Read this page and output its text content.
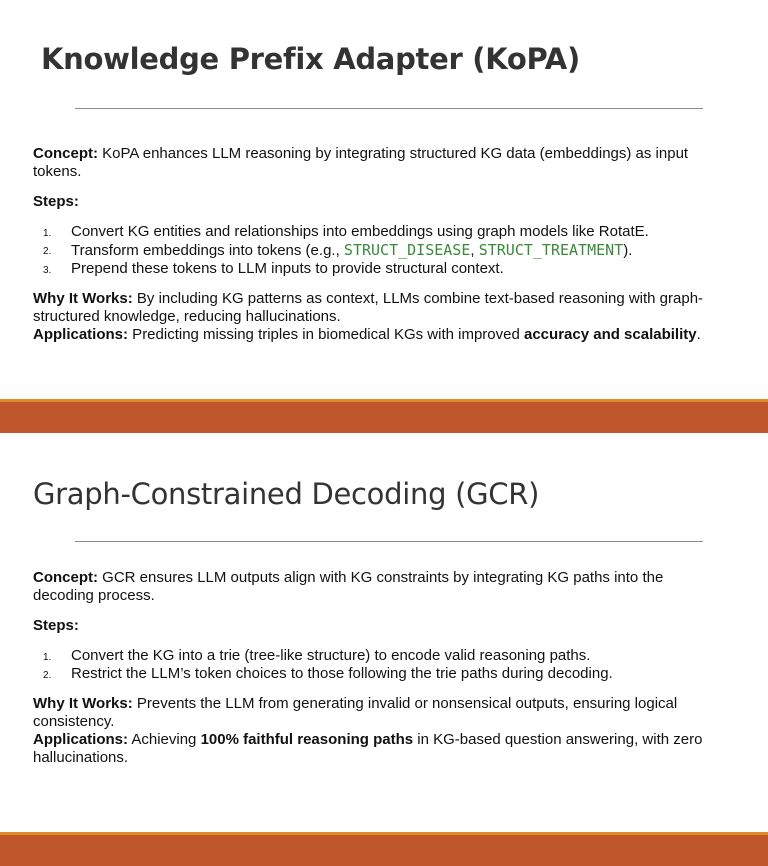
Knowledge Prefix Adapter (KoPA)

Concept: KoPA enhances LLM reasoning by integrating structured KG data (embeddings) as input tokens.

Steps:

1. Convert KG entities and relationships into embeddings using graph models like RotatE.
2. Transform embeddings into tokens (e.g., STRUCT_DISEASE, STRUCT_TREATMENT).
3. Prepend these tokens to LLM inputs to provide structural context.

Why It Works: By including KG patterns as context, LLMs combine text-based reasoning with graph-structured knowledge, reducing hallucinations.

Applications: Predicting missing triples in biomedical KGs with improved accuracy and scalability.

Graph-Constrained Decoding (GCR)

Concept: GCR ensures LLM outputs align with KG constraints by integrating KG paths into the decoding process.

Steps:

1. Convert the KG into a trie (tree-like structure) to encode valid reasoning paths.
2. Restrict the LLM’s token choices to those following the trie paths during decoding.

Why It Works: Prevents the LLM from generating invalid or nonsensical outputs, ensuring logical consistency.

Applications: Achieving 100% faithful reasoning paths in KG-based question answering, with zero hallucinations.
